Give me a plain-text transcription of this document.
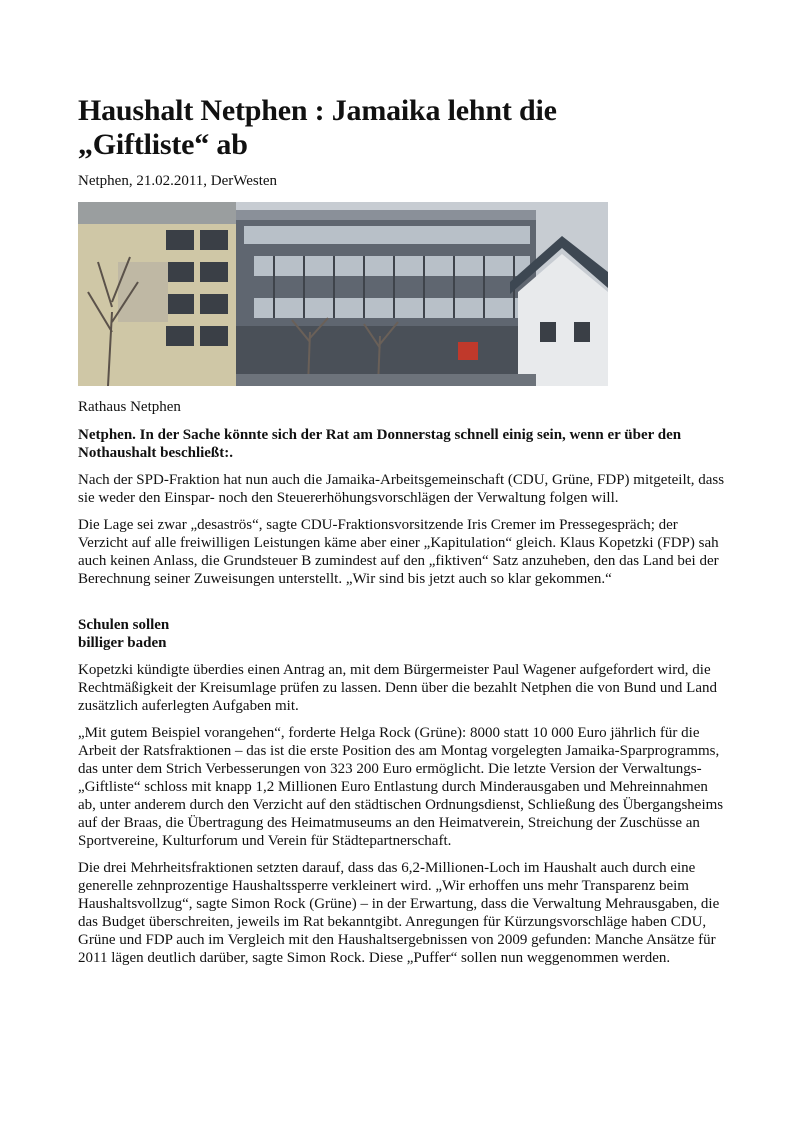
Haushalt Netphen : Jamaika lehnt die
„Giftliste“ ab
Netphen, 21.02.2011, DerWesten
Rathaus Netphen
Netphen. In der Sache könnte sich der Rat am Donnerstag schnell einig sein, wenn er über den Nothaushalt beschließt:.

Nach der SPD-Fraktion hat nun auch die Jamaika-Arbeitsgemeinschaft (CDU, Grüne, FDP) mitgeteilt, dass sie weder den Einspar- noch den Steuererhöhungsvorschlägen der Verwaltung folgen will.

Die Lage sei zwar „desaströs“, sagte CDU-Fraktionsvorsitzende Iris Cremer im Pressegespräch; der Verzicht auf alle freiwilligen Leistungen käme aber einer „Kapitulation“ gleich. Klaus Kopetzki (FDP) sah auch keinen Anlass, die Grundsteuer B zumindest auf den „fiktiven“ Satz anzuheben, den das Land bei der Berechnung seiner Zuweisungen unterstellt. „Wir sind bis jetzt auch so klar gekommen.“

Schulen sollen
billiger baden

Kopetzki kündigte überdies einen Antrag an, mit dem Bürgermeister Paul Wagener aufgefordert wird, die Rechtmäßigkeit der Kreisumlage prüfen zu lassen. Denn über die bezahlt Netphen die von Bund und Land zusätzlich auferlegten Aufgaben mit.

„Mit gutem Beispiel vorangehen“, forderte Helga Rock (Grüne): 8000 statt 10 000 Euro jährlich für die Arbeit der Ratsfraktionen – das ist die erste Position des am Montag vorgelegten Jamaika-Sparprogramms, das unter dem Strich Verbesserungen von 323 200 Euro ermöglicht. Die letzte Version der Verwaltungs-„Giftliste“ schloss mit knapp 1,2 Millionen Euro Entlastung durch Minderausgaben und Mehreinnahmen ab, unter anderem durch den Verzicht auf den städtischen Ordnungsdienst, Schließung des Übergangsheims auf der Braas, die Übertragung des Heimatmuseums an den Heimatverein, Streichung der Zuschüsse an Sportvereine, Kulturforum und Verein für Städtepartnerschaft.

Die drei Mehrheitsfraktionen setzten darauf, dass das 6,2-Millionen-Loch im Haushalt auch durch eine generelle zehnprozentige Haushaltssperre verkleinert wird. „Wir erhoffen uns mehr Transparenz beim Haushaltsvollzug“, sagte Simon Rock (Grüne) – in der Erwartung, dass die Verwaltung Mehrausgaben, die das Budget überschreiten, jeweils im Rat bekanntgibt. Anregungen für Kürzungsvorschläge haben CDU, Grüne und FDP auch im Vergleich mit den Haushaltsergebnissen von 2009 gefunden: Manche Ansätze für 2011 lägen deutlich darüber, sagte Simon Rock. Diese „Puffer“ sollen nun weggenommen werden.
